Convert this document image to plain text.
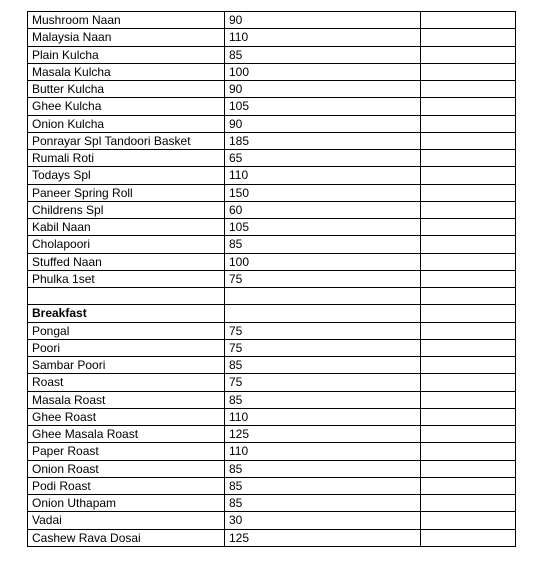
Mushroom Naan	90	
Malaysia Naan	110	
Plain Kulcha	85	
Masala Kulcha	100	
Butter Kulcha	90	
Ghee Kulcha	105	
Onion Kulcha	90	
Ponrayar Spl Tandoori Basket	185	
Rumali Roti	65	
Todays Spl	110	
Paneer Spring Roll	150	
Childrens Spl	60	
Kabil Naan	105	
Cholapoori	85	
Stuffed Naan	100	
Phulka 1set	75	

Breakfast		
Pongal	75	
Poori	75	
Sambar Poori	85	
Roast	75	
Masala Roast	85	
Ghee Roast	110	
Ghee Masala Roast	125	
Paper Roast	110	
Onion Roast	85	
Podi Roast	85	
Onion Uthapam	85	
Vadai	30	
Cashew Rava Dosai	125	
